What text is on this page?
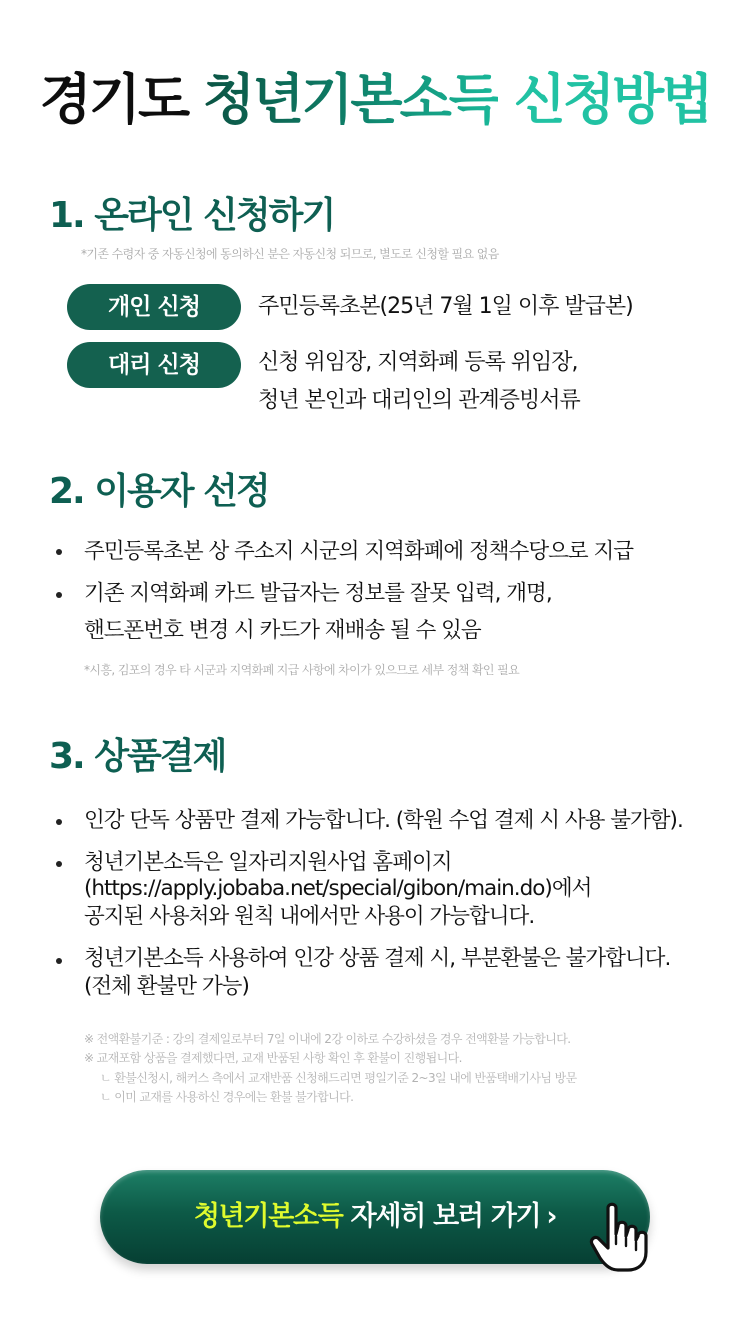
경기도 청년기본소득 신청방법
1. 온라인 신청하기
*기존 수령자 중 자동신청에 동의하신 분은 자동신청 되므로, 별도로 신청할 필요 없음
개인 신청	주민등록초본(25년 7월 1일 이후 발급본)
대리 신청	신청 위임장, 지역화폐 등록 위임장,
청년 본인과 대리인의 관계증빙서류
2. 이용자 선정
주민등록초본 상 주소지 시군의 지역화폐에 정책수당으로 지급
기존 지역화폐 카드 발급자는 정보를 잘못 입력, 개명,
핸드폰번호 변경 시 카드가 재배송 될 수 있음
*시흥, 김포의 경우 타 시군과 지역화폐 지급 사항에 차이가 있으므로 세부 정책 확인 필요
3. 상품결제
인강 단독 상품만 결제 가능합니다. (학원 수업 결제 시 사용 불가함).
청년기본소득은 일자리지원사업 홈페이지
(https://apply.jobaba.net/special/gibon/main.do)에서
공지된 사용처와 원칙 내에서만 사용이 가능합니다.
청년기본소득 사용하여 인강 상품 결제 시, 부분환불은 불가합니다.
(전체 환불만 가능)
※ 전액환불기준 : 강의 결제일로부터 7일 이내에 2강 이하로 수강하셨을 경우 전액환불 가능합니다.
※ 교재포함 상품을 결제했다면, 교재 반품된 사항 확인 후 환불이 진행됩니다.
ㄴ 환불신청시, 해커스 측에서 교재반품 신청해드리면 평일기준 2~3일 내에 반품택배기사님 방문
ㄴ 이미 교재를 사용하신 경우에는 환불 불가합니다.
청년기본소득 자세히 보러 가기 ›
